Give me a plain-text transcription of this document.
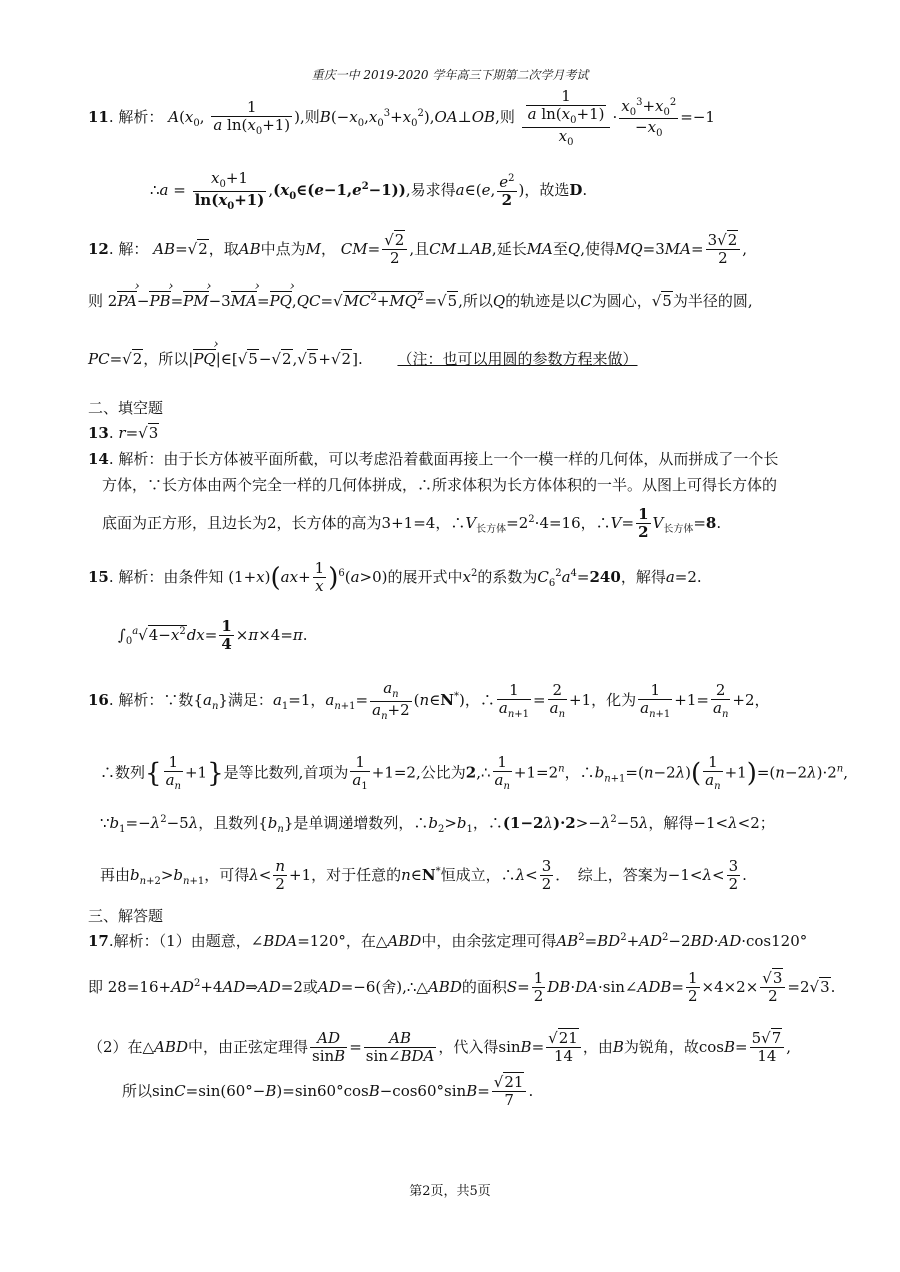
重庆一中 2019-2020 学年高三下期第二次学月考试
11. 解析： $A(x_0$, $\frac{1}{a \ln(x_0+1)}$ ),则$B(-x_0,x_0^3+x_0^2),OA\perp OB$,则 $\frac{\frac{1}{a \ln(x_0+1)}}{x_0} \cdot \frac{x_0^3+x_0^2}{-x_0} =-1$
∴a = $\frac{x_0+1}{\ln(x_0+1)}$ $,(x_0\in(e-1,e^2-1))$,易求得a∈(e, $\frac{e^2}{2}$ )，故选D.
12. 解： AB=√2，取AB中点为M， $CM= \frac{√2}{2}$ ,且CM⊥AB,延长MA至Q,使得$MQ=3MA= \frac{3√2}{2}$ ,
则 2PA ›−PB ›=PM ›−3MA ›=PQ $›,QC=√MC^2+MQ^2=√5$,所以Q的轨迹是以C为圆心，√5为半径的圆,
PC=√2，所以|PQ ›|∈[√5−√2,√5+√2]. （注：也可以用圆的参数方程来做）
二、填空题
13. r=√3
14. 解析：由于长方体被平面所截，可以考虑沿着截面再接上一个一模一样的几何体，从而拼成了一个长
方体，∵长方体由两个完全一样的几何体拼成，∴所求体积为长方体体积的一半。从图上可得长方体的
底面为正方形，且边长为2，长方体的高为3+1=4，$\therefore V_{长方体}=2^2\cdot 4=16$，∴V= $\frac{1}{2} V_{长方体}=8$.
15. 解析：由条件知 $(1+x)(ax+ \frac{1}{x} )^6(a>0)$的展开式中$x^2$的系数为$C_6^2a^4=240$，解得a=2.
$\int_0^a√4-x^2dx= \frac{1}{4} \times\pi\times 4=\pi$.
16. 解析：∵数$\{a_n\}$满足：$a_1=1$，$a_{n+1}= \frac{a_n}{a_n+2}$ (n∈N*)，∴ $\frac{1}{a_{n+1}} = \frac{2}{a_n} +1$，化为 $\frac{1}{a_{n+1}} +1= \frac{2}{a_n} +2$，
∴数列{ $\frac{1}{a_n} +1$}是等比数列,首项为 $\frac{1}{a_1} +1=2$,公比为2,∴ $\frac{1}{a_n} +1=2^n$，$\therefore b_{n+1}=(n-2\lambda)( \frac{1}{a_n} +1)=(n-2\lambda)\cdot 2^n$,
$\because b_1=-\lambda^2-5\lambda$，且数列$\{b_n\}$是单调递增数列，$\therefore b_2>b_1$，$\therefore(1-2\lambda)\cdot 2>-\lambda^2-5\lambda$，解得−1<λ<2；
再由$b_{n+2}>b_{n+1}$，可得$\lambda< \frac{n}{2} +1$，对于任意的n∈N*恒成立，∴λ< $\frac{3}{2}$ ．　综上，答案为$-1<\lambda< \frac{3}{2}$ .
三、解答题
17.解析：（1）由题意，∠BDA=120°，在△ABD中，由余弦定理可得$AB^2=BD^2+AD^2-2BD\cdot AD\cdot\cos 120^\circ$
即 $28=16+AD^2+4AD\Rightarrow AD=2$或AD=−6(舍),∴△ABD的面积$S= \frac{1}{2}$ DB·DA·sin∠ADB= $\frac{1}{2} \times 4\times 2\times \frac{√3}{2} =2√3$.
（2）在△ABD中，由正弦定理得 $\frac{AD}{\sin B} = \frac{AB}{\text{sin∠BDA}}$ ，代入得$\sin B= \frac{√21}{14}$ ，由B为锐角，故$\cos B= \frac{5√7}{14}$ ,
所以$\sin C=\sin(60^\circ-B)=\sin 60^\circ\cos B-\cos 60^\circ\sin B= \frac{√21}{7}$ .
第2页，共5页
